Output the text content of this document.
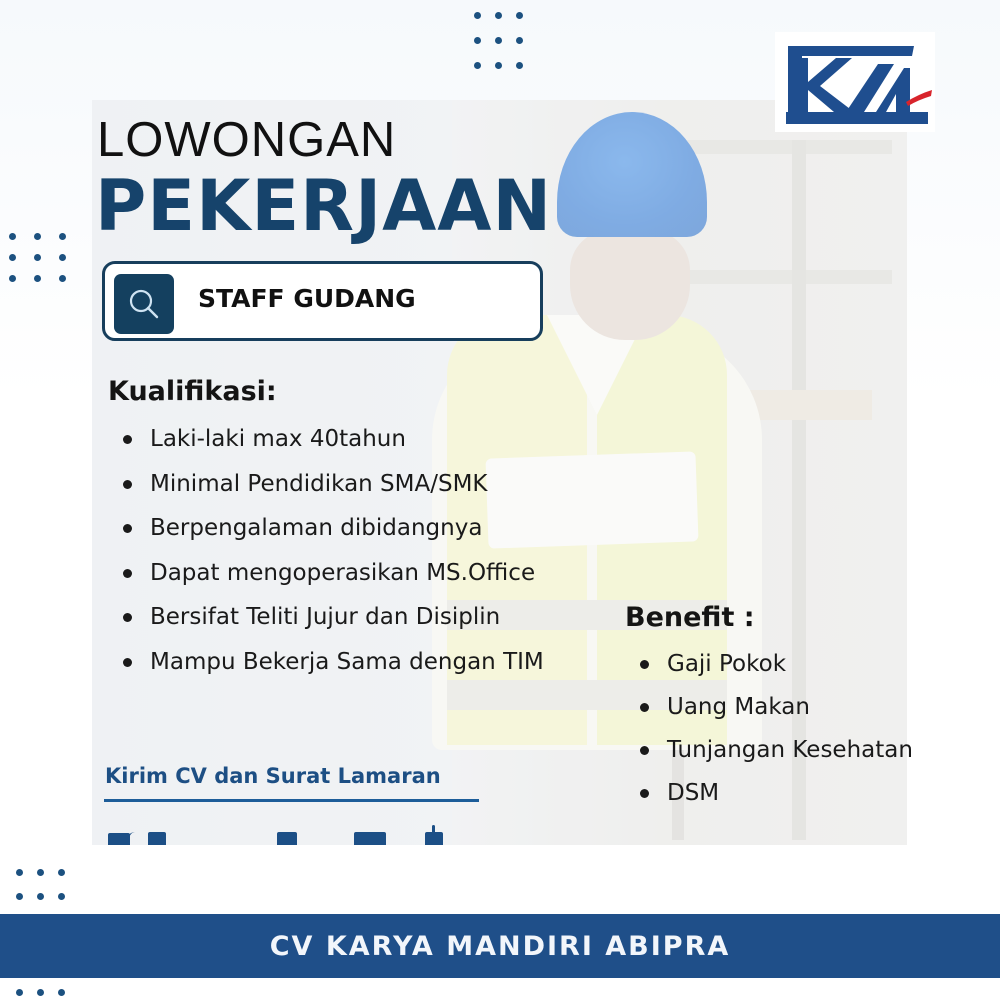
LOWONGAN
PEKERJAAN
STAFF GUDANG
Kualifikasi:
Laki-laki max 40tahun
Minimal Pendidikan SMA/SMK
Berpengalaman dibidangnya
Dapat mengoperasikan MS.Office
Bersifat Teliti Jujur dan Disiplin
Mampu Bekerja Sama dengan TIM
Benefit :
Gaji Pokok
Uang Makan
Tunjangan Kesehatan
DSM
Kirim CV dan Surat Lamaran
CV KARYA MANDIRI ABIPRA
